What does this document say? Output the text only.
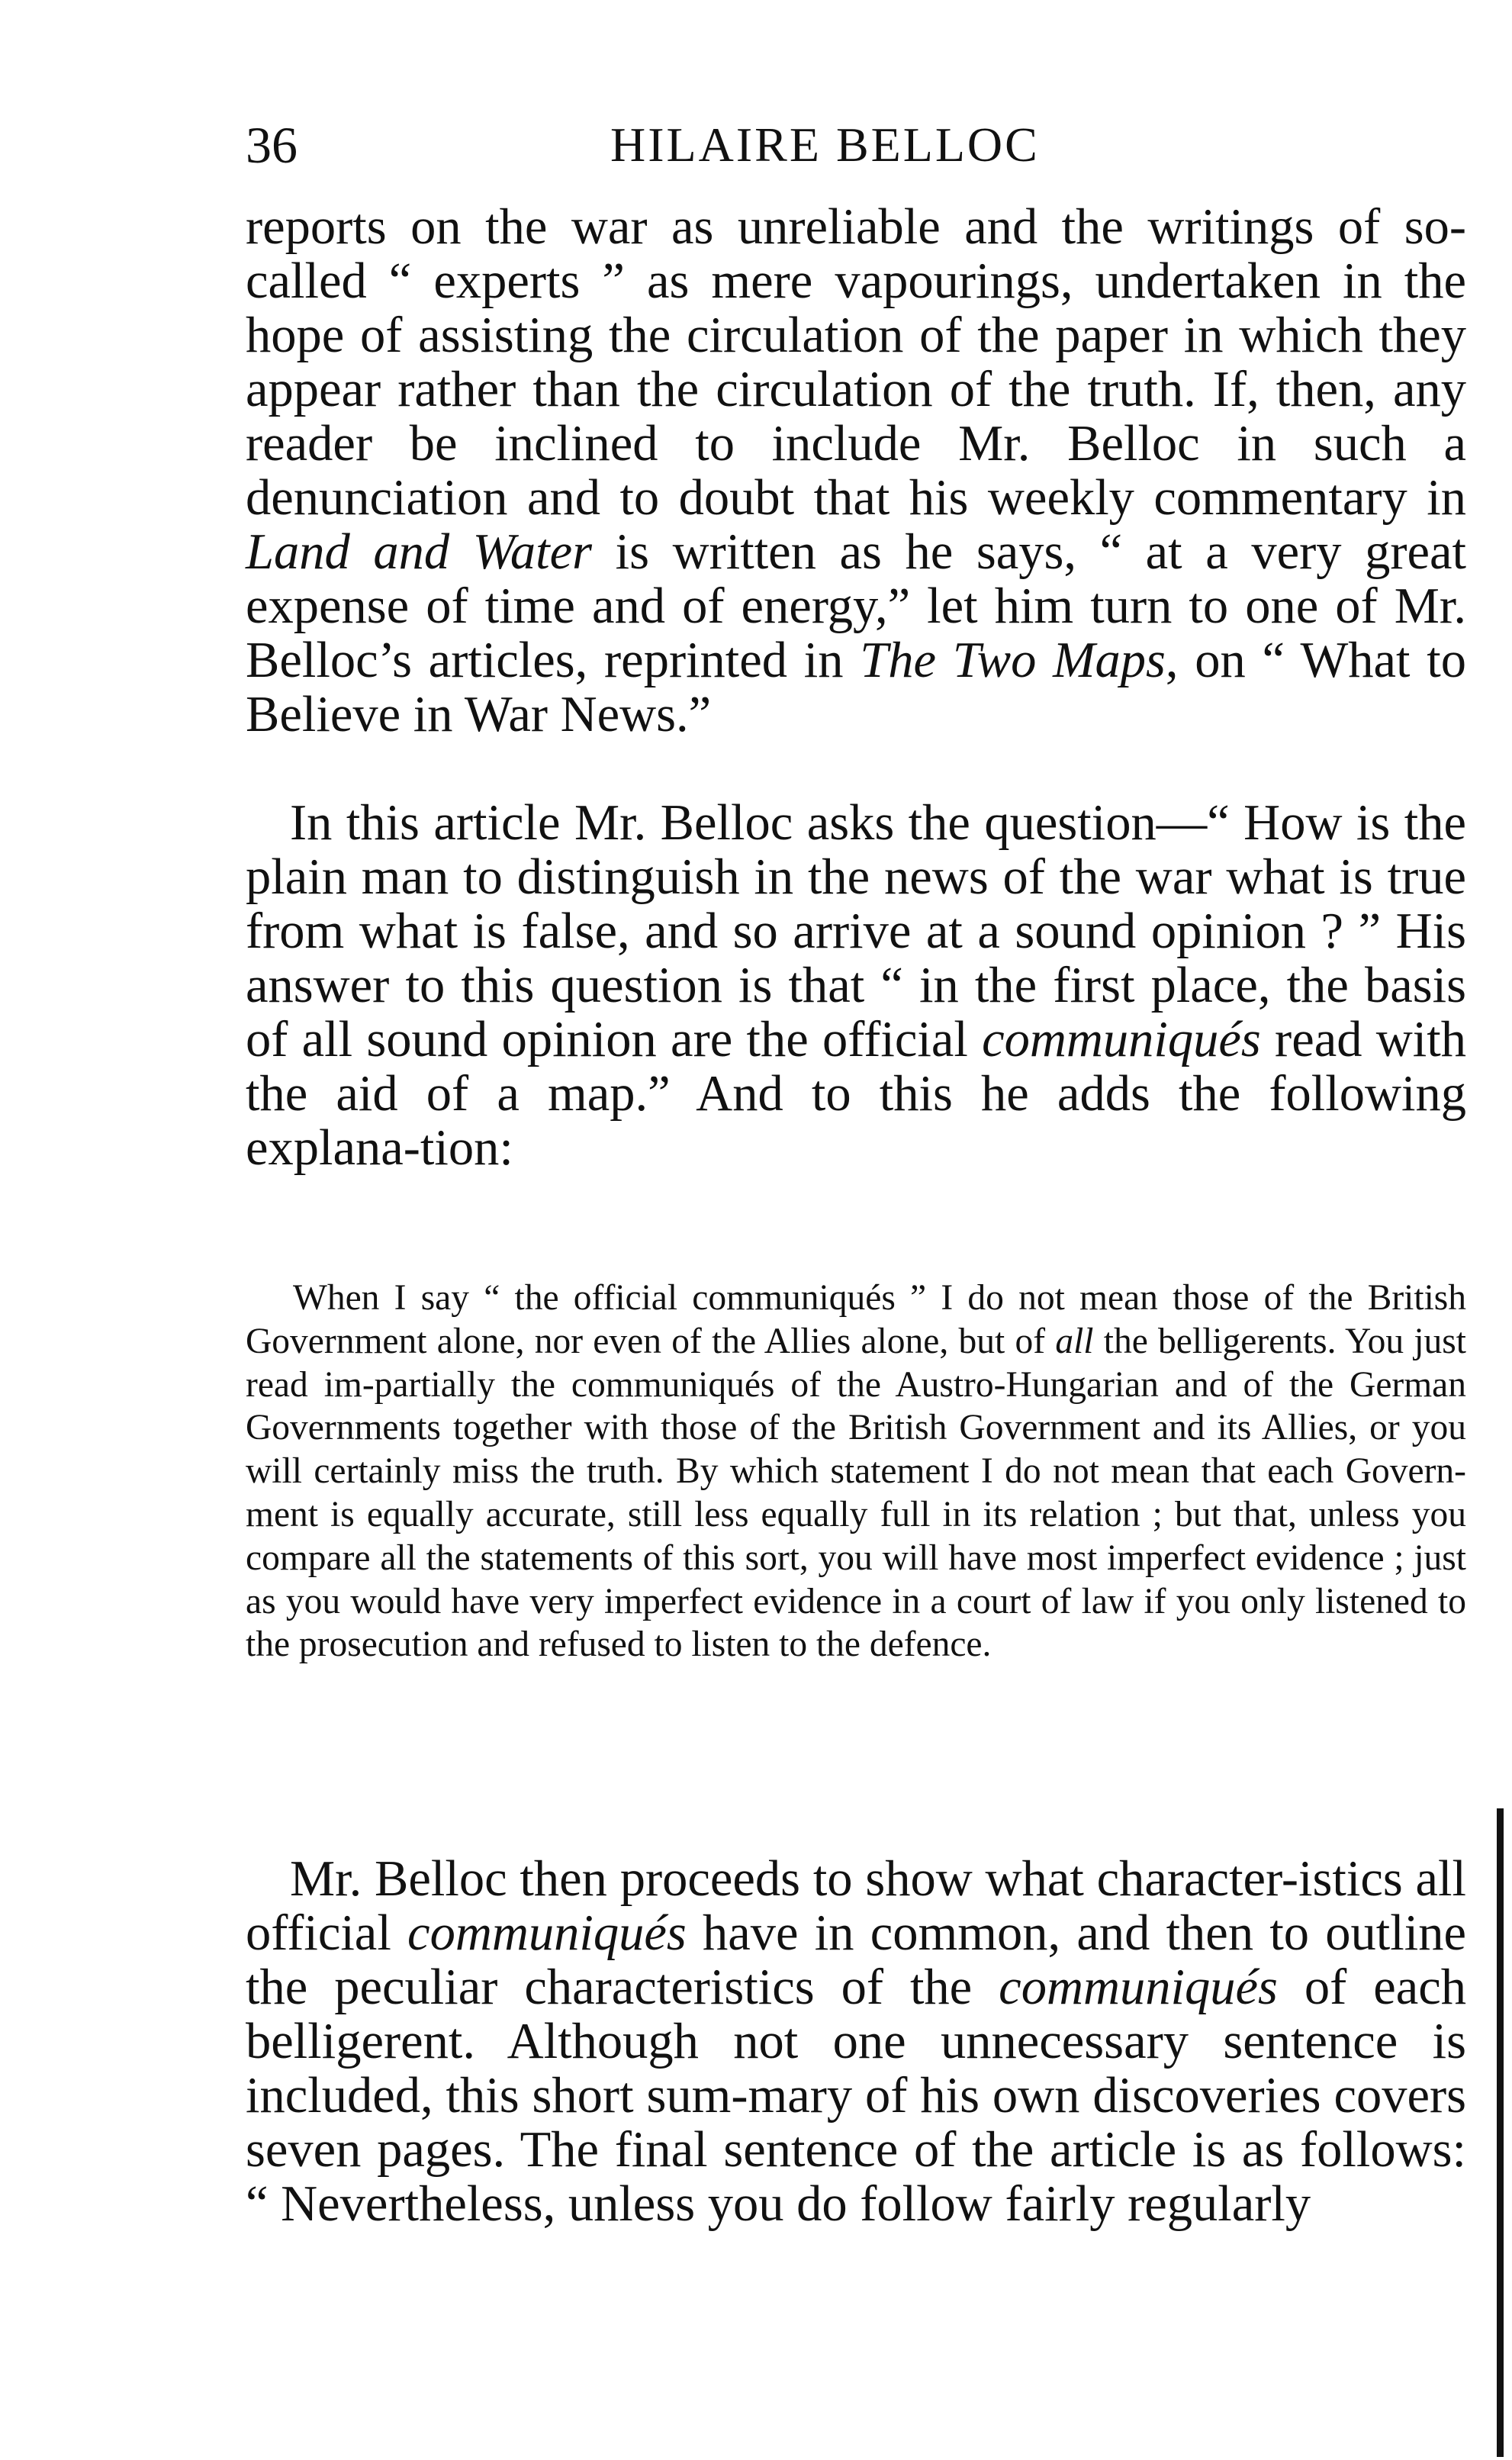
36	HILAIRE BELLOC

reports on the war as unreliable and the writings of so-called “ experts ” as mere vapourings, undertaken in the hope of assisting the circulation of the paper in which they appear rather than the circulation of the truth. If, then, any reader be inclined to include Mr. Belloc in such a denunciation and to doubt that his weekly commentary in Land and Water is written as he says, “ at a very great expense of time and of energy,” let him turn to one of Mr. Belloc’s articles, reprinted in The Two Maps, on “ What to Believe in War News.”

In this article Mr. Belloc asks the question—“ How is the plain man to distinguish in the news of the war what is true from what is false, and so arrive at a sound opinion ? ” His answer to this question is that “ in the first place, the basis of all sound opinion are the official communiqués read with the aid of a map.” And to this he adds the following explana-tion:

When I say “ the official communiqués ” I do not mean those of the British Government alone, nor even of the Allies alone, but of all the belligerents. You just read im-partially the communiqués of the Austro-Hungarian and of the German Governments together with those of the British Government and its Allies, or you will certainly miss the truth. By which statement I do not mean that each Govern-ment is equally accurate, still less equally full in its relation ; but that, unless you compare all the statements of this sort, you will have most imperfect evidence ; just as you would have very imperfect evidence in a court of law if you only listened to the prosecution and refused to listen to the defence.

Mr. Belloc then proceeds to show what character-istics all official communiqués have in common, and then to outline the peculiar characteristics of the communiqués of each belligerent. Although not one unnecessary sentence is included, this short sum-mary of his own discoveries covers seven pages. The final sentence of the article is as follows: “ Nevertheless, unless you do follow fairly regularly
